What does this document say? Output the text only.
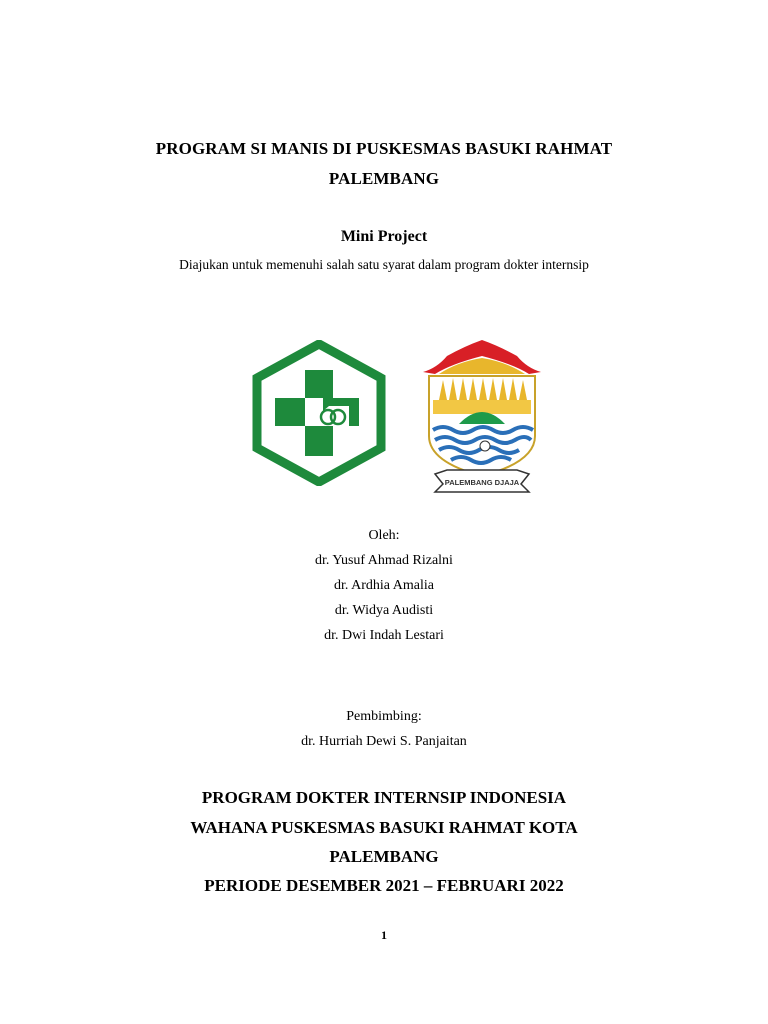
PROGRAM SI MANIS DI PUSKESMAS BASUKI RAHMAT
PALEMBANG
Mini Project
Diajukan untuk memenuhi salah satu syarat dalam program dokter internsip
PALEMBANG DJAJA
Oleh:
dr. Yusuf Ahmad Rizalni
dr. Ardhia Amalia
dr. Widya Audisti
dr. Dwi Indah Lestari
Pembimbing:
dr. Hurriah Dewi S. Panjaitan
PROGRAM DOKTER INTERNSIP INDONESIA
WAHANA PUSKESMAS BASUKI RAHMAT KOTA
PALEMBANG
PERIODE DESEMBER 2021 – FEBRUARI 2022
1
